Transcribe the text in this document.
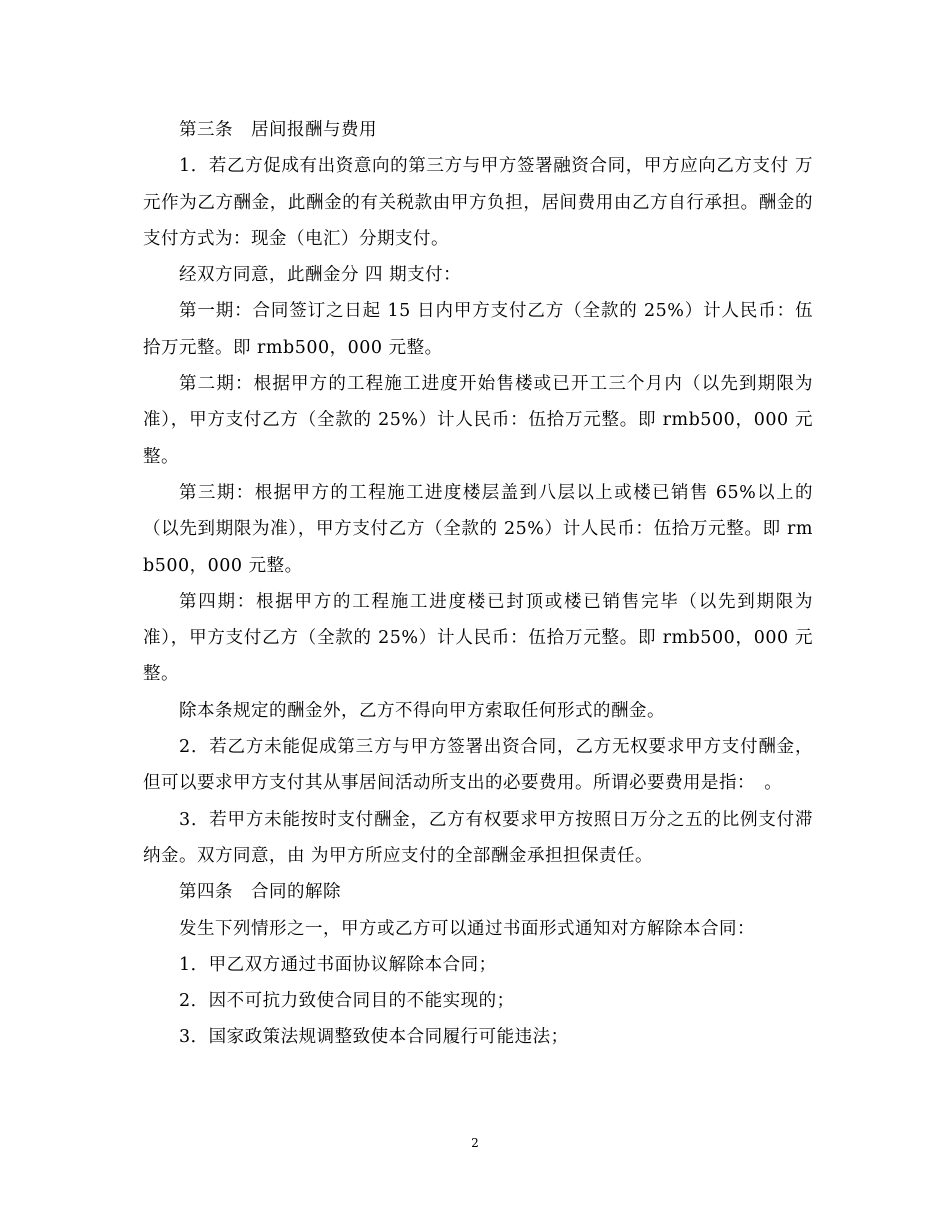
第三条　居间报酬与费用

1．若乙方促成有出资意向的第三方与甲方签署融资合同，甲方应向乙方支付 万元作为乙方酬金，此酬金的有关税款由甲方负担，居间费用由乙方自行承担。酬金的支付方式为：现金（电汇）分期支付。

经双方同意，此酬金分 四 期支付：

第一期：合同签订之日起 15 日内甲方支付乙方（全款的 25%）计人民币：伍拾万元整。即 rmb500，000 元整。

第二期：根据甲方的工程施工进度开始售楼或已开工三个月内（以先到期限为准），甲方支付乙方（全款的 25%）计人民币：伍拾万元整。即 rmb500，000 元整。

第三期：根据甲方的工程施工进度楼层盖到八层以上或楼已销售 65%以上的（以先到期限为准），甲方支付乙方（全款的 25%）计人民币：伍拾万元整。即 rmb500，000 元整。

第四期：根据甲方的工程施工进度楼已封顶或楼已销售完毕（以先到期限为准），甲方支付乙方（全款的 25%）计人民币：伍拾万元整。即 rmb500，000 元整。

除本条规定的酬金外，乙方不得向甲方索取任何形式的酬金。

2．若乙方未能促成第三方与甲方签署出资合同，乙方无权要求甲方支付酬金，但可以要求甲方支付其从事居间活动所支出的必要费用。所谓必要费用是指：　。

3．若甲方未能按时支付酬金，乙方有权要求甲方按照日万分之五的比例支付滞纳金。双方同意，由 为甲方所应支付的全部酬金承担担保责任。

第四条　合同的解除

发生下列情形之一，甲方或乙方可以通过书面形式通知对方解除本合同：

1．甲乙双方通过书面协议解除本合同；

2．因不可抗力致使合同目的不能实现的；

3．国家政策法规调整致使本合同履行可能违法；

2
